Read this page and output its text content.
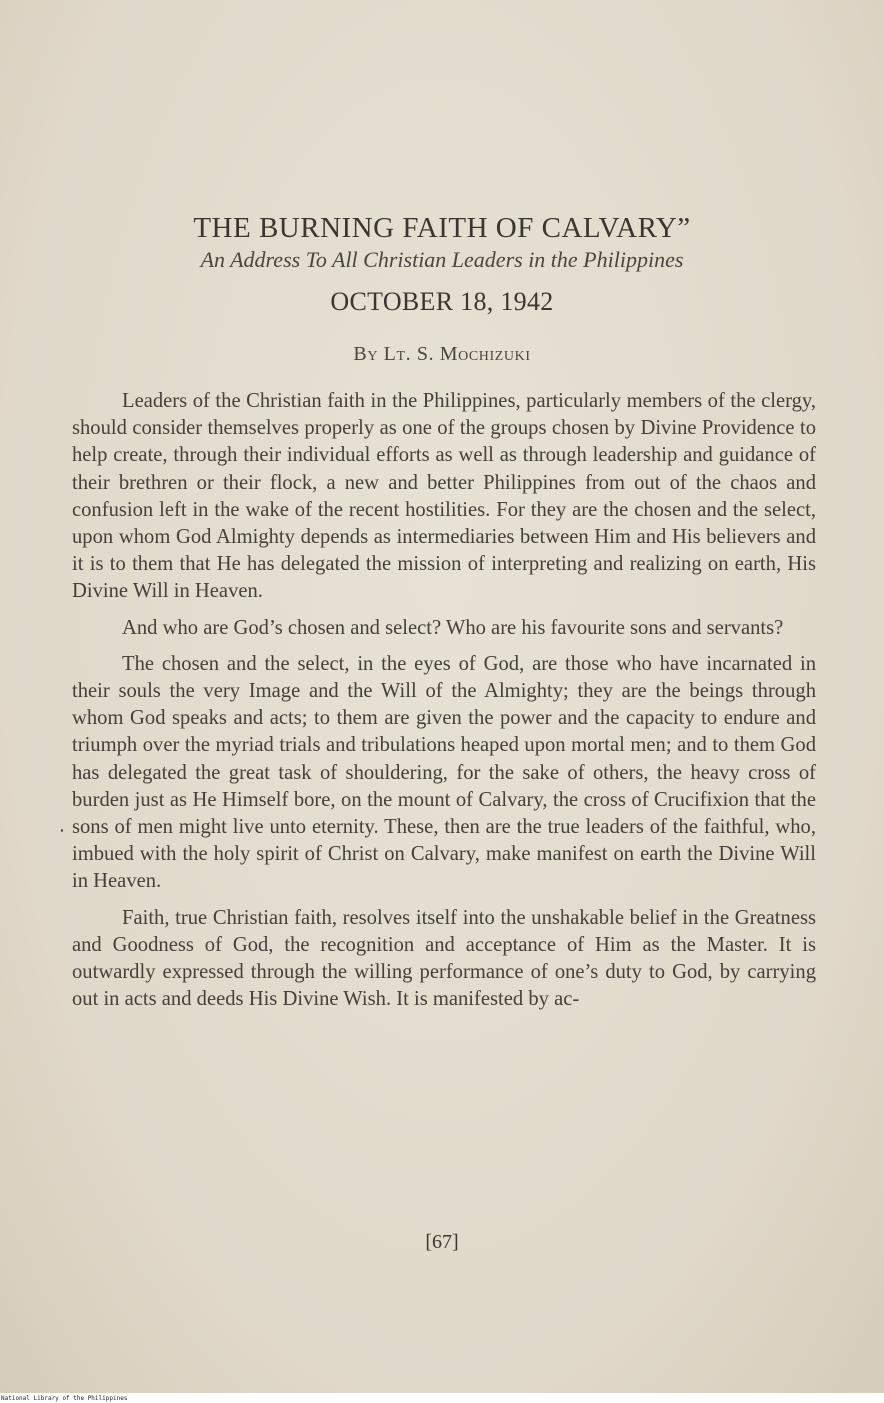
THE BURNING FAITH OF CALVARY”
An Address To All Christian Leaders in the Philippines
OCTOBER 18, 1942
By Lt. S. Mochizuki

Leaders of the Christian faith in the Philippines, particularly members of the clergy, should consider themselves properly as one of the groups chosen by Divine Providence to help create, through their individual efforts as well as through leadership and guidance of their brethren or their flock, a new and better Philippines from out of the chaos and confusion left in the wake of the recent hostilities. For they are the chosen and the select, upon whom God Almighty depends as intermediaries between Him and His believers and it is to them that He has delegated the mission of interpreting and realizing on earth, His Divine Will in Heaven.

And who are God’s chosen and select? Who are his favourite sons and servants?

The chosen and the select, in the eyes of God, are those who have incarnated in their souls the very Image and the Will of the Almighty; they are the beings through whom God speaks and acts; to them are given the power and the capacity to endure and triumph over the myriad trials and tribulations heaped upon mortal men; and to them God has delegated the great task of shouldering, for the sake of others, the heavy cross of burden just as He Himself bore, on the mount of Calvary, the cross of Crucifixion that the sons of men might live unto eternity. These, then are the true leaders of the faithful, who, imbued with the holy spirit of Christ on Calvary, make manifest on earth the Divine Will in Heaven.

Faith, true Christian faith, resolves itself into the unshakable belief in the Greatness and Goodness of God, the recognition and acceptance of Him as the Master. It is outwardly expressed through the willing performance of one’s duty to God, by carrying out in acts and deeds His Divine Wish. It is manifested by ac-

[67]
National Library of the Philippines
